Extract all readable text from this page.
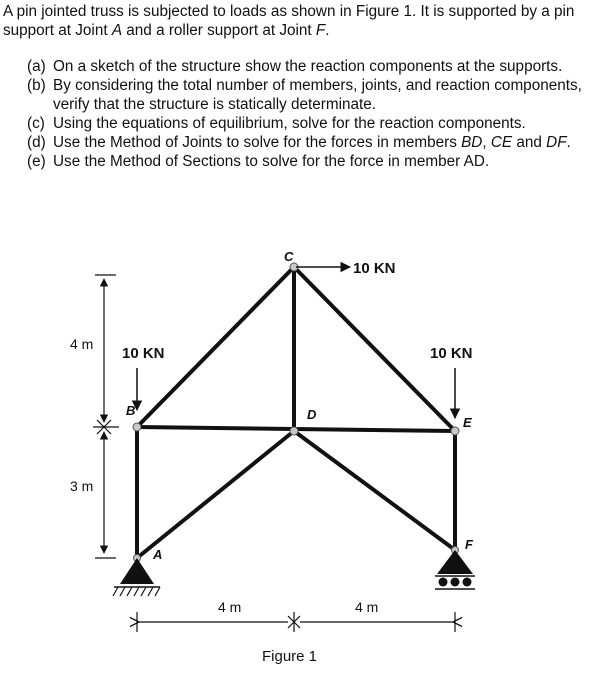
A pin jointed truss is subjected to loads as shown in Figure 1. It is supported by a pin support at Joint A and a roller support at Joint F.
(a) On a sketch of the structure show the reaction components at the supports.
(b) By considering the total number of members, joints, and reaction components, verify that the structure is statically determinate.
(c) Using the equations of equilibrium, solve for the reaction components.
(d) Use the Method of Joints to solve for the forces in members BD, CE and DF.
(e) Use the Method of Sections to solve for the force in member AD.
10 KN
10 KN	10 KN
C
B	D
E
A
F
4 m
3 m
4 m	4 m
Figure 1
